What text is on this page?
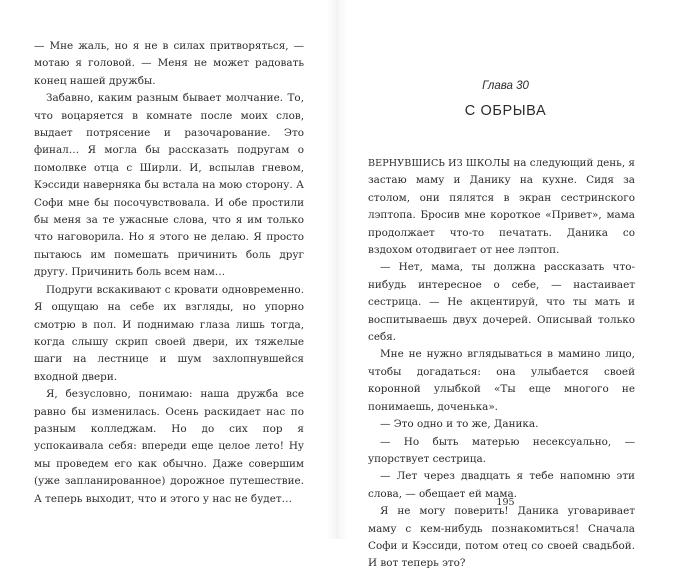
— Мне жаль, но я не в силах притворяться, — мотаю я головой. — Меня не может радовать конец нашей дружбы.

Забавно, каким разным бывает молчание. То, что воцаряется в комнате после моих слов, выдает потрясение и разочарование. Это финал… Я могла бы рассказать подругам о помолвке отца с Ширли. И, вспылав гневом, Кэссиди наверняка бы встала на мою сторону. А Софи мне бы посочувствовала. И обе простили бы меня за те ужасные слова, что я им только что наговорила. Но я этого не делаю. Я просто пытаюсь им помешать причинить боль друг другу. Причинить боль всем нам…

Подруги вскакивают с кровати одновременно. Я ощущаю на себе их взгляды, но упорно смотрю в пол. И поднимаю глаза лишь тогда, когда слышу скрип своей двери, их тяжелые шаги на лестнице и шум захлопнувшейся входной двери.

Я, безусловно, понимаю: наша дружба все равно бы изменилась. Осень раскидает нас по разным колледжам. Но до сих пор я успокаивала себя: впереди еще целое лето! Ну мы проведем его как обычно. Даже совершим (уже запланированное) дорожное путешествие. А теперь выходит, что и этого у нас не будет…

Глава 30
С ОБРЫВА

ВЕРНУВШИСЬ ИЗ ШКОЛЫ на следующий день, я застаю маму и Данику на кухне. Сидя за столом, они пялятся в экран сестринского лэптопа. Бросив мне короткое «Привет», мама продолжает что-то печатать. Даника со вздохом отодвигает от нее лэптоп.

— Нет, мама, ты должна рассказать что-нибудь интересное о себе, — настаивает сестрица. — Не акцентируй, что ты мать и воспитываешь двух дочерей. Описывай только себя.

Мне не нужно вглядываться в мамино лицо, чтобы догадаться: она улыбается своей коронной улыбкой «Ты еще многого не понимаешь, доченька».

— Это одно и то же, Даника.

— Но быть матерью несексуально, — упорствует сестрица.

— Лет через двадцать я тебе напомню эти слова, — обещает ей мама.

Я не могу поверить! Даника уговаривает маму с кем-нибудь познакомиться! Сначала Софи и Кэссиди, потом отец со своей свадьбой. И вот теперь это?

195
